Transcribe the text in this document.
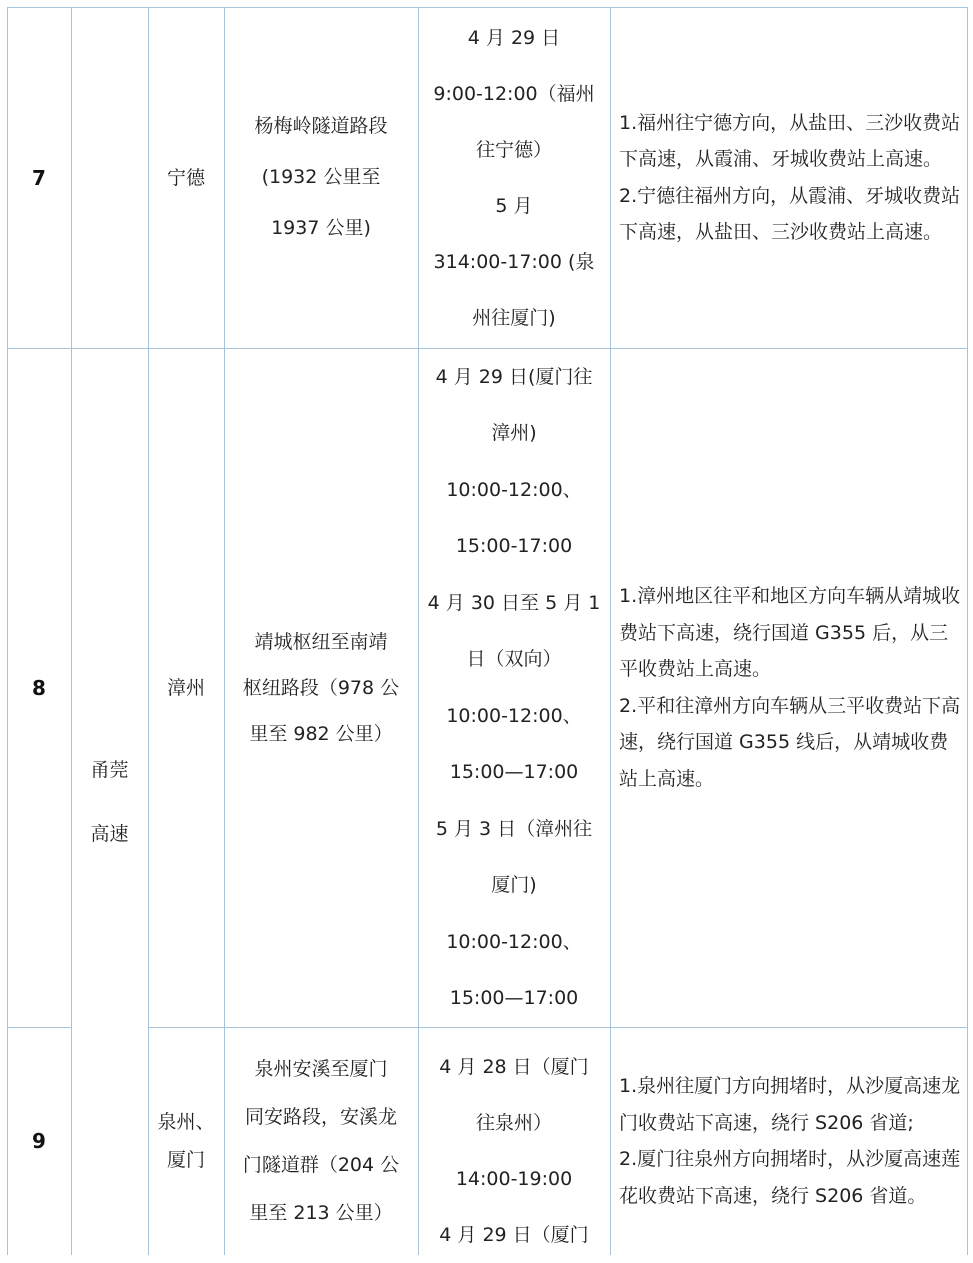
7	宁德
杨梅岭隧道路段
(1932 公里至
1937 公里)
4 月 29 日
9:00-12:00（福州
往宁德）
5 月
314:00-17:00 (泉
州往厦门)
1.福州往宁德方向，从盐田、三沙收费站下高速，从霞浦、牙城收费站上高速。
2.宁德往福州方向，从霞浦、牙城收费站下高速，从盐田、三沙收费站上高速。
甬莞
高速
8	漳州
靖城枢纽至南靖
枢纽路段（978 公
里至 982 公里）
4 月 29 日(厦门往
漳州)
10:00-12:00、
15:00-17:00
4 月 30 日至 5 月 1
日（双向）
10:00-12:00、
15:00—17:00
5 月 3 日（漳州往
厦门)
10:00-12:00、
15:00—17:00
1.漳州地区往平和地区方向车辆从靖城收费站下高速，绕行国道 G355 后，从三平收费站上高速。
2.平和往漳州方向车辆从三平收费站下高速，绕行国道 G355 线后，从靖城收费站上高速。
9
泉州、
厦门
泉州安溪至厦门
同安路段，安溪龙
门隧道群（204 公
里至 213 公里）
4 月 28 日（厦门
往泉州）
14:00-19:00
4 月 29 日（厦门
1.泉州往厦门方向拥堵时，从沙厦高速龙门收费站下高速，绕行 S206 省道;
2.厦门往泉州方向拥堵时，从沙厦高速莲花收费站下高速，绕行 S206 省道。
